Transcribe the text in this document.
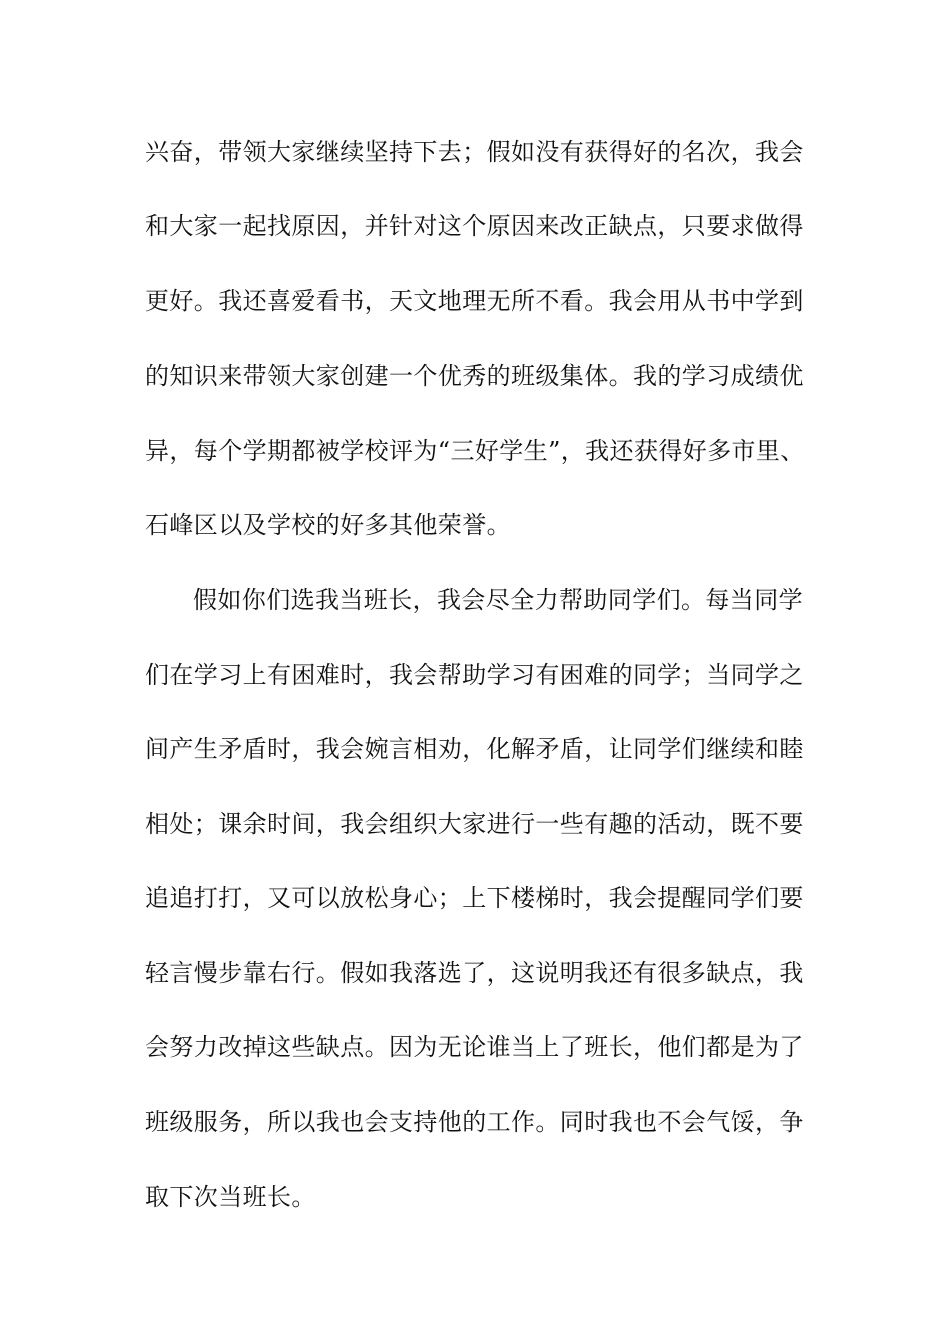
兴奋，带领大家继续坚持下去；假如没有获得好的名次，我会

和大家一起找原因，并针对这个原因来改正缺点，只要求做得

更好。我还喜爱看书，天文地理无所不看。我会用从书中学到

的知识来带领大家创建一个优秀的班级集体。我的学习成绩优

异，每个学期都被学校评为“三好学生”，我还获得好多市里、

石峰区以及学校的好多其他荣誉。

假如你们选我当班长，我会尽全力帮助同学们。每当同学

们在学习上有困难时，我会帮助学习有困难的同学；当同学之

间产生矛盾时，我会婉言相劝，化解矛盾，让同学们继续和睦

相处；课余时间，我会组织大家进行一些有趣的活动，既不要

追追打打，又可以放松身心；上下楼梯时，我会提醒同学们要

轻言慢步靠右行。假如我落选了，这说明我还有很多缺点，我

会努力改掉这些缺点。因为无论谁当上了班长，他们都是为了

班级服务，所以我也会支持他的工作。同时我也不会气馁，争

取下次当班长。
